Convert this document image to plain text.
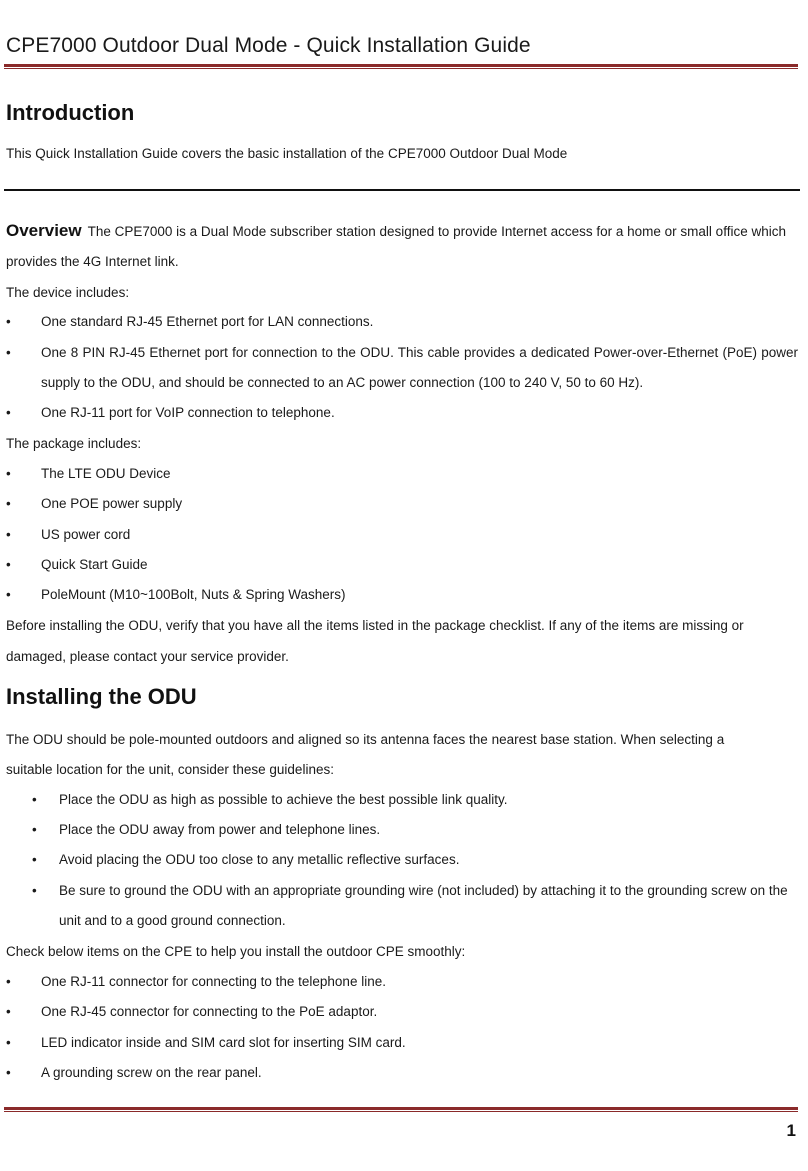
CPE7000 Outdoor Dual Mode - Quick Installation Guide
Introduction
This Quick Installation Guide covers the basic installation of the CPE7000 Outdoor Dual Mode
Overview The CPE7000 is a Dual Mode subscriber station designed to provide Internet access for a home or small office which
provides the 4G Internet link.
The device includes:
• One standard RJ-45 Ethernet port for LAN connections.
• One 8 PIN RJ-45 Ethernet port for connection to the ODU. This cable provides a dedicated Power-over-Ethernet (PoE) power
supply to the ODU, and should be connected to an AC power connection (100 to 240 V, 50 to 60 Hz).
• One RJ-11 port for VoIP connection to telephone.
The package includes:
• The LTE ODU Device
• One POE power supply
• US power cord
• Quick Start Guide
• PoleMount (M10~100Bolt, Nuts & Spring Washers)
Before installing the ODU, verify that you have all the items listed in the package checklist. If any of the items are missing or
damaged, please contact your service provider.
Installing the ODU
The ODU should be pole-mounted outdoors and aligned so its antenna faces the nearest base station. When selecting a
suitable location for the unit, consider these guidelines:
• Place the ODU as high as possible to achieve the best possible link quality.
• Place the ODU away from power and telephone lines.
• Avoid placing the ODU too close to any metallic reflective surfaces.
• Be sure to ground the ODU with an appropriate grounding wire (not included) by attaching it to the grounding screw on the
unit and to a good ground connection.
Check below items on the CPE to help you install the outdoor CPE smoothly:
• One RJ-11 connector for connecting to the telephone line.
• One RJ-45 connector for connecting to the PoE adaptor.
• LED indicator inside and SIM card slot for inserting SIM card.
• A grounding screw on the rear panel.
1
